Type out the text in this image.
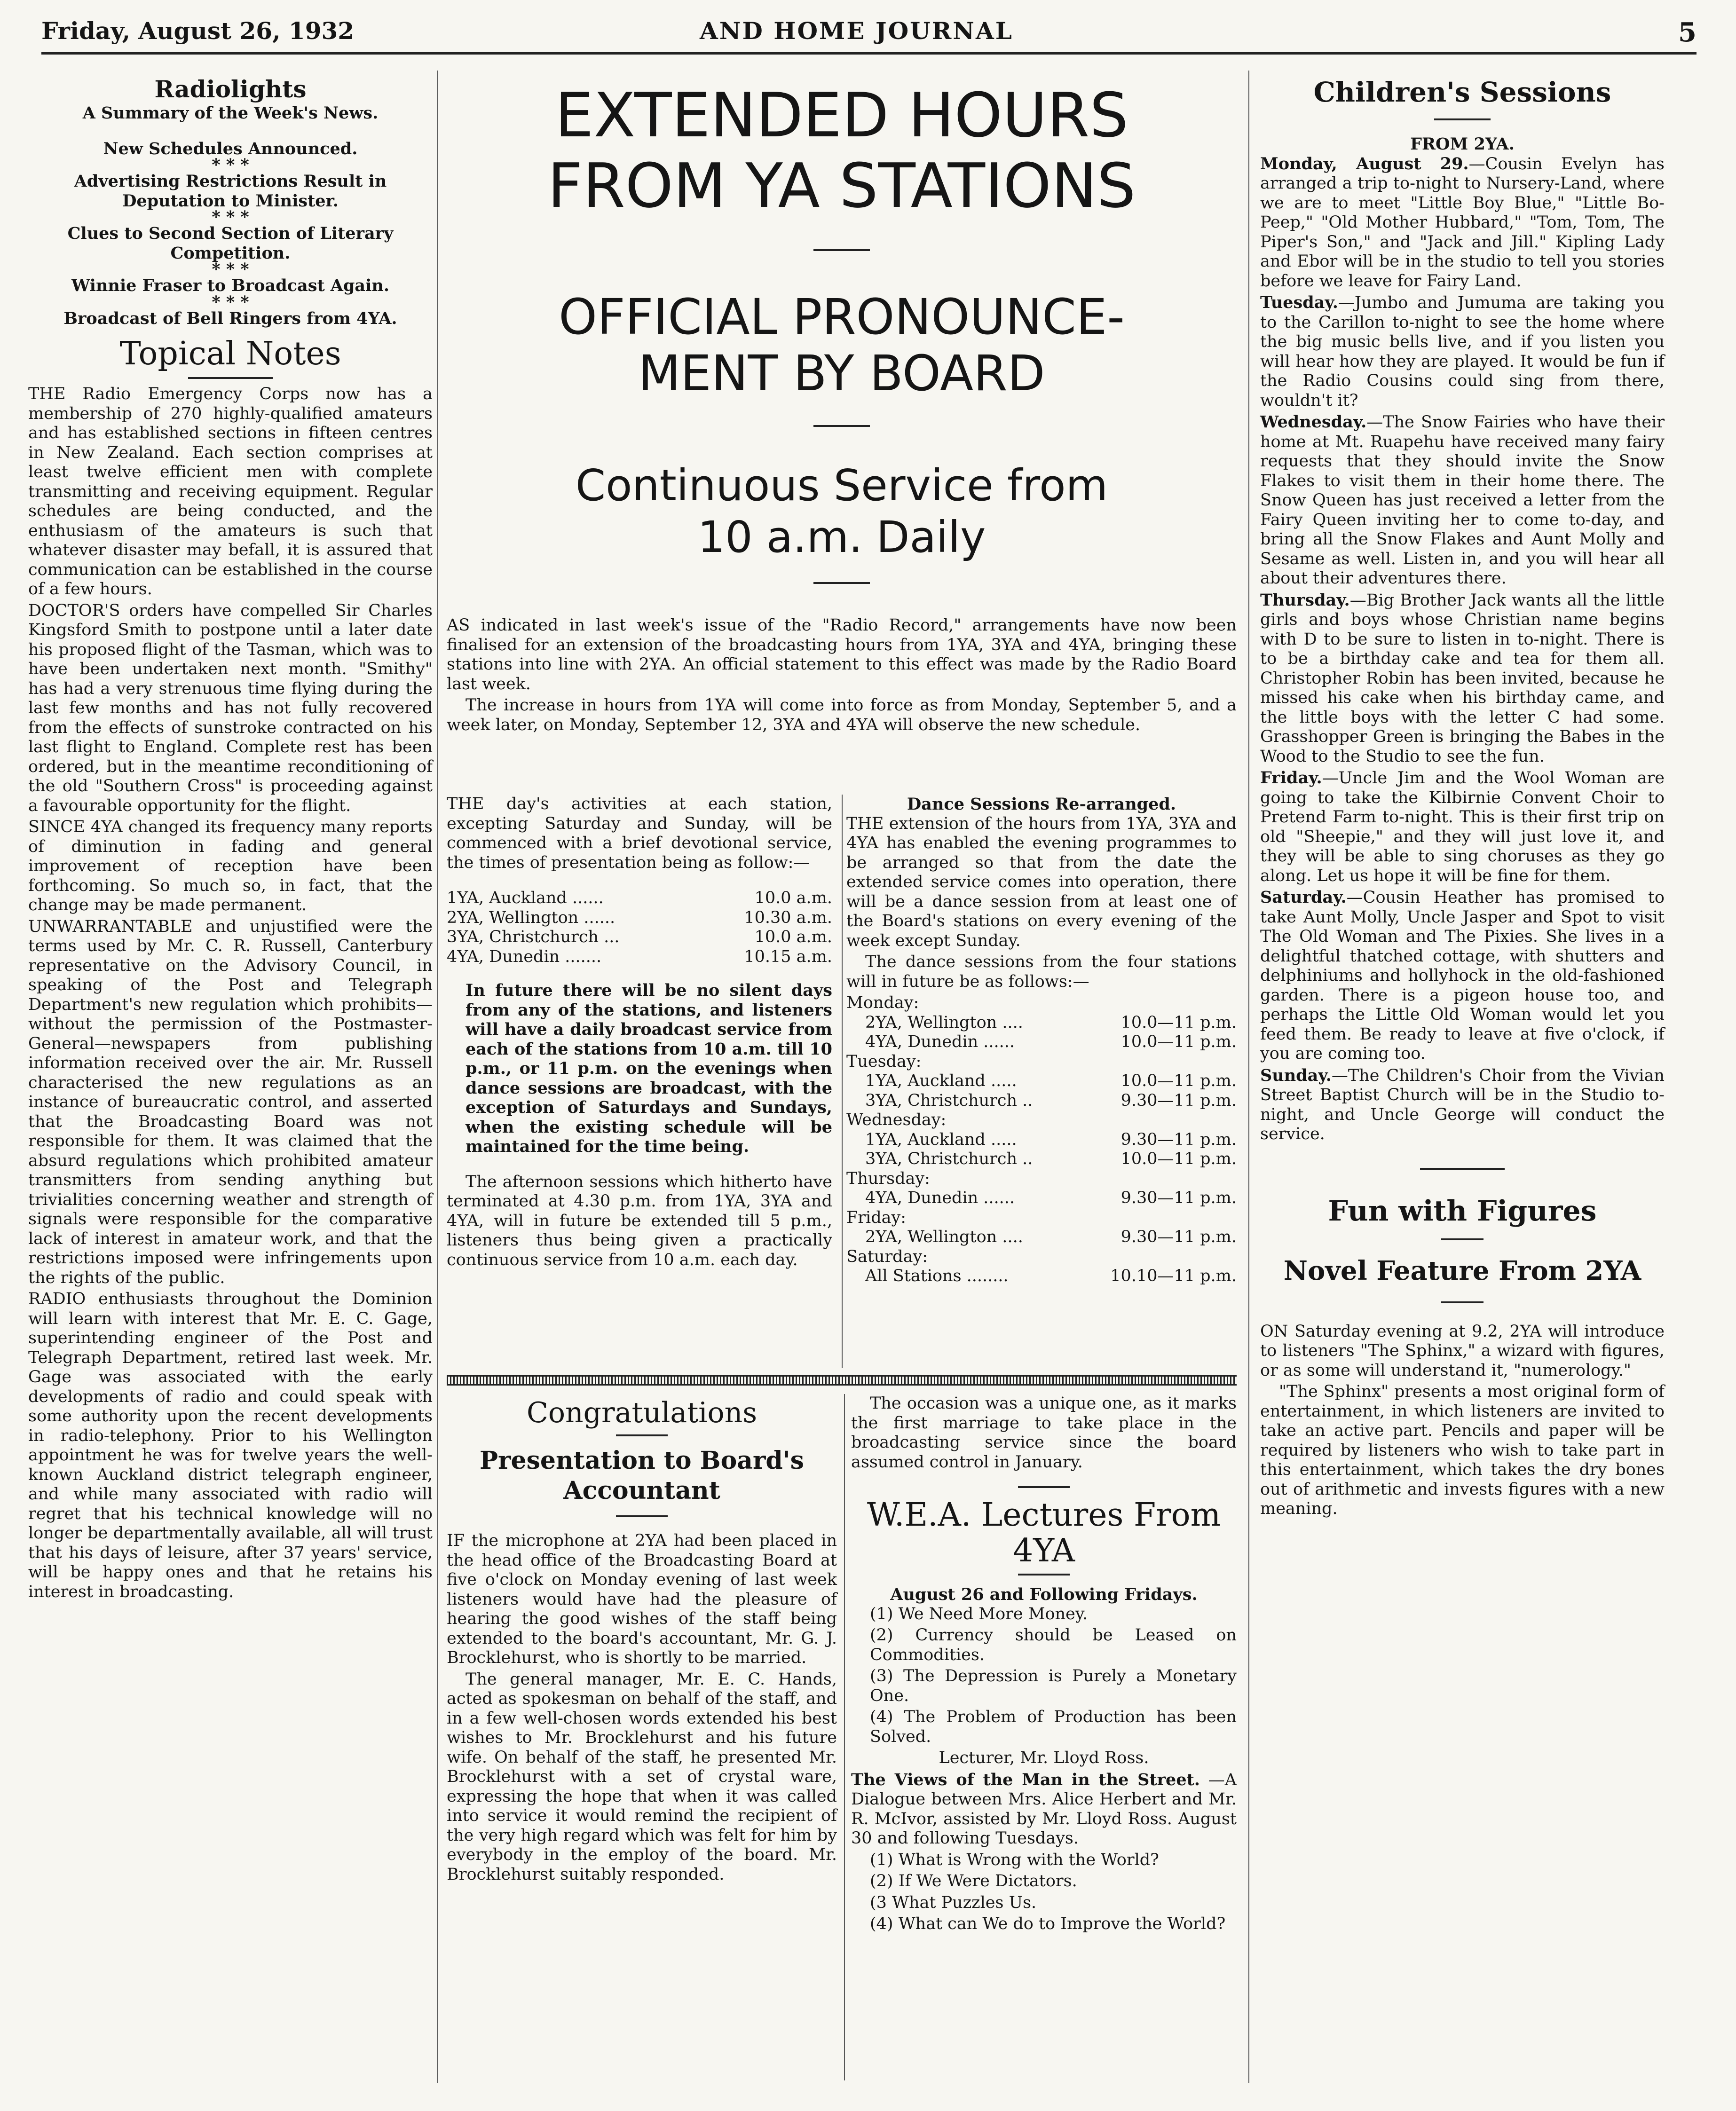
Friday, August 26, 1932	AND HOME JOURNAL	5
Radiolights
A Summary of the Week's News.
New Schedules Announced.
* * *
Advertising Restrictions Result in Deputation to Minister.
* * *
Clues to Second Section of Literary Competition.
* * *
Winnie Fraser to Broadcast Again.
* * *
Broadcast of Bell Ringers from 4YA.
Topical Notes

THE Radio Emergency Corps now has a membership of 270 highly-qualified amateurs and has established sections in fifteen centres in New Zealand. Each section comprises at least twelve efficient men with complete transmitting and receiving equipment. Regular schedules are being conducted, and the enthusiasm of the amateurs is such that whatever disaster may befall, it is assured that communication can be established in the course of a few hours.

DOCTOR'S orders have compelled Sir Charles Kingsford Smith to postpone until a later date his proposed flight of the Tasman, which was to have been undertaken next month. "Smithy" has had a very strenuous time flying during the last few months and has not fully recovered from the effects of sunstroke contracted on his last flight to England. Complete rest has been ordered, but in the meantime reconditioning of the old "Southern Cross" is proceeding against a favourable opportunity for the flight.

SINCE 4YA changed its frequency many reports of diminution in fading and general improvement of reception have been forthcoming. So much so, in fact, that the change may be made permanent.

UNWARRANTABLE and unjustified were the terms used by Mr. C. R. Russell, Canterbury representative on the Advisory Council, in speaking of the Post and Telegraph Department's new regulation which prohibits—without the permission of the Postmaster-General—newspapers from publishing information received over the air. Mr. Russell characterised the new regulations as an instance of bureaucratic control, and asserted that the Broadcasting Board was not responsible for them. It was claimed that the absurd regulations which prohibited amateur transmitters from sending anything but trivialities concerning weather and strength of signals were responsible for the comparative lack of interest in amateur work, and that the restrictions imposed were infringements upon the rights of the public.

RADIO enthusiasts throughout the Dominion will learn with interest that Mr. E. C. Gage, superintending engineer of the Post and Telegraph Department, retired last week. Mr. Gage was associated with the early developments of radio and could speak with some authority upon the recent developments in radio-telephony. Prior to his Wellington appointment he was for twelve years the well-known Auckland district telegraph engineer, and while many associated with radio will regret that his technical knowledge will no longer be departmentally available, all will trust that his days of leisure, after 37 years' service, will be happy ones and that he retains his interest in broadcasting.

EXTENDED HOURS
FROM YA STATIONS
OFFICIAL PRONOUNCE-
MENT BY BOARD
Continuous Service from
10 a.m. Daily

AS indicated in last week's issue of the "Radio Record," arrangements have now been finalised for an extension of the broadcasting hours from 1YA, 3YA and 4YA, bringing these stations into line with 2YA. An official statement to this effect was made by the Radio Board last week.

The increase in hours from 1YA will come into force as from Monday, September 5, and a week later, on Monday, September 12, 3YA and 4YA will observe the new schedule.

THE day's activities at each station, excepting Saturday and Sunday, will be commenced with a brief devotional service, the times of presentation being as follow:—

1YA, Auckland ......	10.0 a.m.
2YA, Wellington ......	10.30 a.m.
3YA, Christchurch ...	10.0 a.m.
4YA, Dunedin .......	10.15 a.m.

In future there will be no silent days from any of the stations, and listeners will have a daily broadcast service from each of the stations from 10 a.m. till 10 p.m., or 11 p.m. on the evenings when dance sessions are broadcast, with the exception of Saturdays and Sundays, when the existing schedule will be maintained for the time being.

The afternoon sessions which hitherto have terminated at 4.30 p.m. from 1YA, 3YA and 4YA, will in future be extended till 5 p.m., listeners thus being given a practically continuous service from 10 a.m. each day.

Dance Sessions Re-arranged.

THE extension of the hours from 1YA, 3YA and 4YA has enabled the evening programmes to be arranged so that from the date the extended service comes into operation, there will be a dance session from at least one of the Board's stations on every evening of the week except Sunday.

The dance sessions from the four stations will in future be as follows:—

Monday:
2YA, Wellington ....	10.0—11 p.m.
4YA, Dunedin ......	10.0—11 p.m.
Tuesday:
1YA, Auckland .....	10.0—11 p.m.
3YA, Christchurch ..	9.30—11 p.m.
Wednesday:
1YA, Auckland .....	9.30—11 p.m.
3YA, Christchurch ..	10.0—11 p.m.
Thursday:
4YA, Dunedin ......	9.30—11 p.m.
Friday:
2YA, Wellington ....	9.30—11 p.m.
Saturday:
All Stations ........	10.10—11 p.m.
Congratulations
Presentation to Board's
Accountant

IF the microphone at 2YA had been placed in the head office of the Broadcasting Board at five o'clock on Monday evening of last week listeners would have had the pleasure of hearing the good wishes of the staff being extended to the board's accountant, Mr. G. J. Brocklehurst, who is shortly to be married.

The general manager, Mr. E. C. Hands, acted as spokesman on behalf of the staff, and in a few well-chosen words extended his best wishes to Mr. Brocklehurst and his future wife. On behalf of the staff, he presented Mr. Brocklehurst with a set of crystal ware, expressing the hope that when it was called into service it would remind the recipient of the very high regard which was felt for him by everybody in the employ of the board. Mr. Brocklehurst suitably responded.

The occasion was a unique one, as it marks the first marriage to take place in the broadcasting service since the board assumed control in January.

W.E.A. Lectures From
4YA
August 26 and Following Fridays.

(1) We Need More Money.

(2) Currency should be Leased on Commodities.

(3) The Depression is Purely a Monetary One.

(4) The Problem of Production has been Solved.

Lecturer, Mr. Lloyd Ross.

The Views of the Man in the Street. —A Dialogue between Mrs. Alice Herbert and Mr. R. McIvor, assisted by Mr. Lloyd Ross. August 30 and following Tuesdays.

(1) What is Wrong with the World?

(2) If We Were Dictators.

(3 What Puzzles Us.

(4) What can We do to Improve the World?

Children's Sessions
FROM 2YA.

Monday, August 29.—Cousin Evelyn has arranged a trip to-night to Nursery-Land, where we are to meet "Little Boy Blue," "Little Bo-Peep," "Old Mother Hubbard," "Tom, Tom, The Piper's Son," and "Jack and Jill." Kipling Lady and Ebor will be in the studio to tell you stories before we leave for Fairy Land.

Tuesday.—Jumbo and Jumuma are taking you to the Carillon to-night to see the home where the big music bells live, and if you listen you will hear how they are played. It would be fun if the Radio Cousins could sing from there, wouldn't it?

Wednesday.—The Snow Fairies who have their home at Mt. Ruapehu have received many fairy requests that they should invite the Snow Flakes to visit them in their home there. The Snow Queen has just received a letter from the Fairy Queen inviting her to come to-day, and bring all the Snow Flakes and Aunt Molly and Sesame as well. Listen in, and you will hear all about their adventures there.

Thursday.—Big Brother Jack wants all the little girls and boys whose Christian name begins with D to be sure to listen in to-night. There is to be a birthday cake and tea for them all. Christopher Robin has been invited, because he missed his cake when his birthday came, and the little boys with the letter C had some. Grasshopper Green is bringing the Babes in the Wood to the Studio to see the fun.

Friday.—Uncle Jim and the Wool Woman are going to take the Kilbirnie Convent Choir to Pretend Farm to-night. This is their first trip on old "Sheepie," and they will just love it, and they will be able to sing choruses as they go along. Let us hope it will be fine for them.

Saturday.—Cousin Heather has promised to take Aunt Molly, Uncle Jasper and Spot to visit The Old Woman and The Pixies. She lives in a delightful thatched cottage, with shutters and delphiniums and hollyhock in the old-fashioned garden. There is a pigeon house too, and perhaps the Little Old Woman would let you feed them. Be ready to leave at five o'clock, if you are coming too.

Sunday.—The Children's Choir from the Vivian Street Baptist Church will be in the Studio to-night, and Uncle George will conduct the service.

Fun with Figures
Novel Feature From 2YA

ON Saturday evening at 9.2, 2YA will introduce to listeners "The Sphinx," a wizard with figures, or as some will understand it, "numerology."

"The Sphinx" presents a most original form of entertainment, in which listeners are invited to take an active part. Pencils and paper will be required by listeners who wish to take part in this entertainment, which takes the dry bones out of arithmetic and invests figures with a new meaning.
